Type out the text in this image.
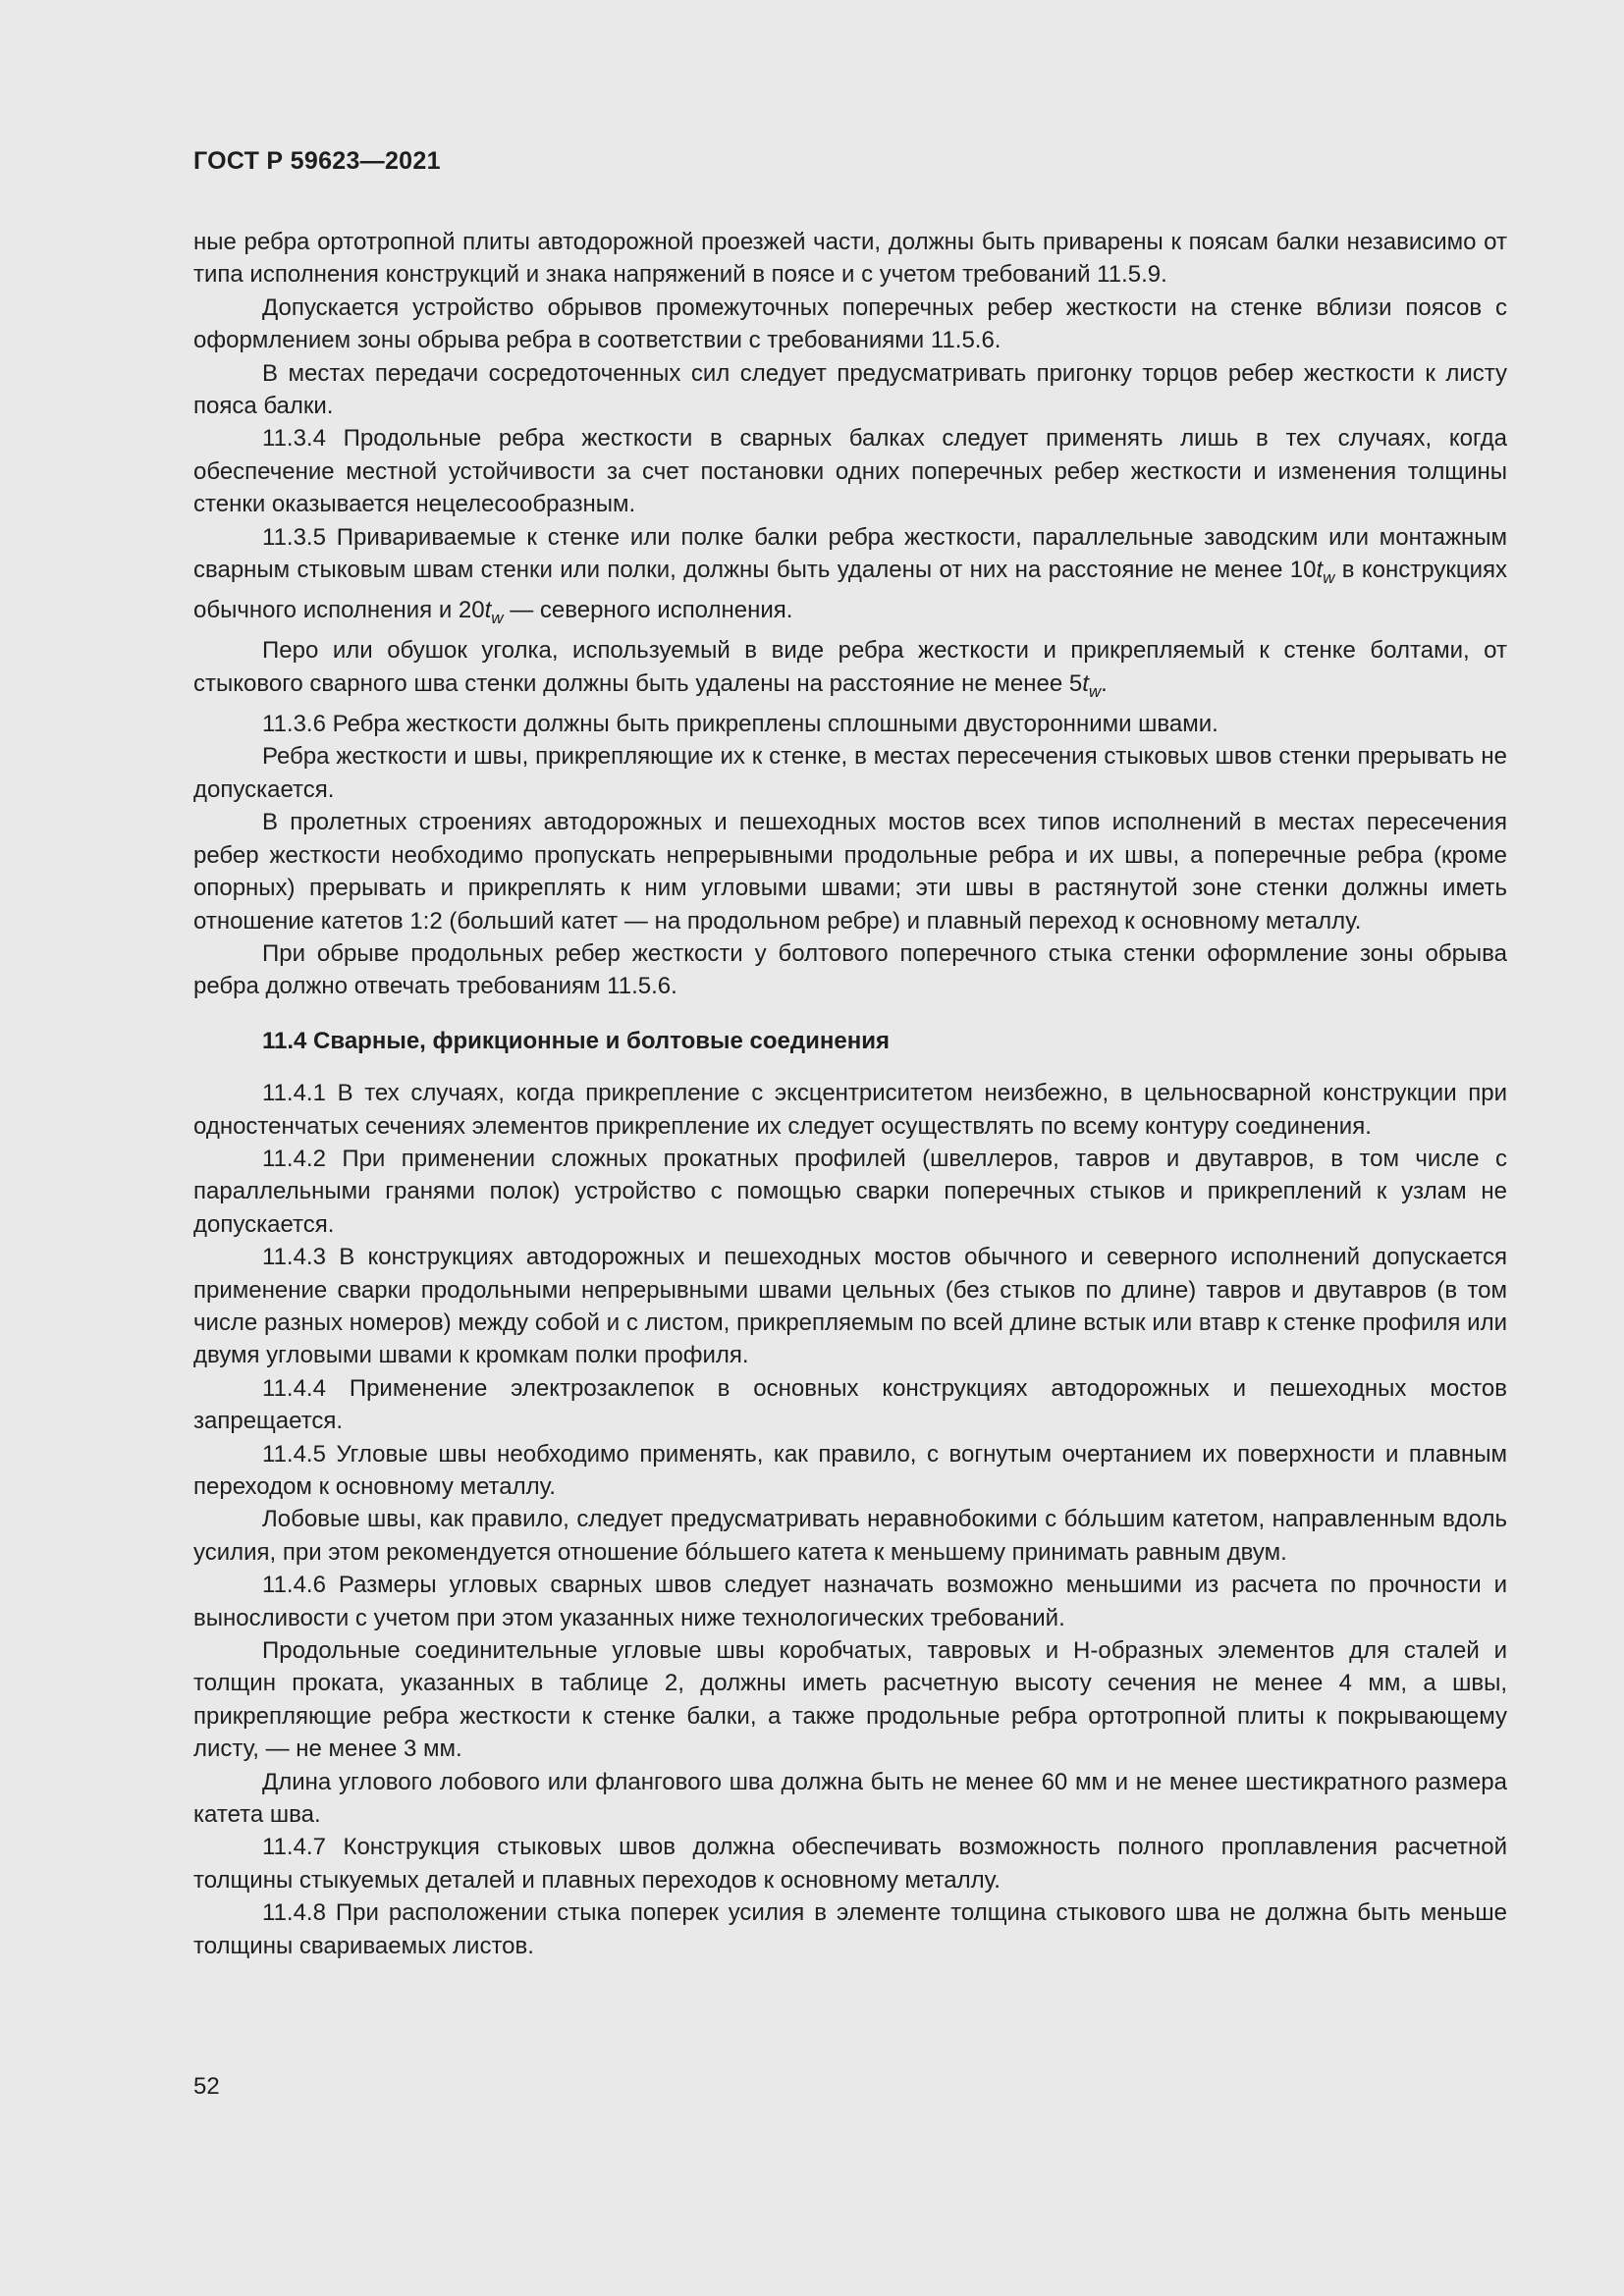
ГОСТ Р 59623—2021

ные ребра ортотропной плиты автодорожной проезжей части, должны быть приварены к поясам балки независимо от типа исполнения конструкций и знака напряжений в поясе и с учетом требований 11.5.9.

Допускается устройство обрывов промежуточных поперечных ребер жесткости на стенке вблизи поясов с оформлением зоны обрыва ребра в соответствии с требованиями 11.5.6.

В местах передачи сосредоточенных сил следует предусматривать пригонку торцов ребер жесткости к листу пояса балки.

11.3.4 Продольные ребра жесткости в сварных балках следует применять лишь в тех случаях, когда обеспечение местной устойчивости за счет постановки одних поперечных ребер жесткости и изменения толщины стенки оказывается нецелесообразным.

11.3.5 Привариваемые к стенке или полке балки ребра жесткости, параллельные заводским или монтажным сварным стыковым швам стенки или полки, должны быть удалены от них на расстояние не менее $10t_w$ в конструкциях обычного исполнения и $20t_w$ — северного исполнения.

Перо или обушок уголка, используемый в виде ребра жесткости и прикрепляемый к стенке болтами, от стыкового сварного шва стенки должны быть удалены на расстояние не менее $5t_w$.

11.3.6 Ребра жесткости должны быть прикреплены сплошными двусторонними швами.

Ребра жесткости и швы, прикрепляющие их к стенке, в местах пересечения стыковых швов стенки прерывать не допускается.

В пролетных строениях автодорожных и пешеходных мостов всех типов исполнений в местах пересечения ребер жесткости необходимо пропускать непрерывными продольные ребра и их швы, а поперечные ребра (кроме опорных) прерывать и прикреплять к ним угловыми швами; эти швы в растянутой зоне стенки должны иметь отношение катетов 1:2 (больший катет — на продольном ребре) и плавный переход к основному металлу.

При обрыве продольных ребер жесткости у болтового поперечного стыка стенки оформление зоны обрыва ребра должно отвечать требованиям 11.5.6.

11.4 Сварные, фрикционные и болтовые соединения

11.4.1 В тех случаях, когда прикрепление с эксцентриситетом неизбежно, в цельносварной конструкции при одностенчатых сечениях элементов прикрепление их следует осуществлять по всему контуру соединения.

11.4.2 При применении сложных прокатных профилей (швеллеров, тавров и двутавров, в том числе с параллельными гранями полок) устройство с помощью сварки поперечных стыков и прикреплений к узлам не допускается.

11.4.3 В конструкциях автодорожных и пешеходных мостов обычного и северного исполнений допускается применение сварки продольными непрерывными швами цельных (без стыков по длине) тавров и двутавров (в том числе разных номеров) между собой и с листом, прикрепляемым по всей длине встык или втавр к стенке профиля или двумя угловыми швами к кромкам полки профиля.

11.4.4 Применение электрозаклепок в основных конструкциях автодорожных и пешеходных мостов запрещается.

11.4.5 Угловые швы необходимо применять, как правило, с вогнутым очертанием их поверхности и плавным переходом к основному металлу.

Лобовые швы, как правило, следует предусматривать неравнобокими с бóльшим катетом, направленным вдоль усилия, при этом рекомендуется отношение бóльшего катета к меньшему принимать равным двум.

11.4.6 Размеры угловых сварных швов следует назначать возможно меньшими из расчета по прочности и выносливости с учетом при этом указанных ниже технологических требований.

Продольные соединительные угловые швы коробчатых, тавровых и Н-образных элементов для сталей и толщин проката, указанных в таблице 2, должны иметь расчетную высоту сечения не менее 4 мм, а швы, прикрепляющие ребра жесткости к стенке балки, а также продольные ребра ортотропной плиты к покрывающему листу, — не менее 3 мм.

Длина углового лобового или флангового шва должна быть не менее 60 мм и не менее шестикратного размера катета шва.

11.4.7 Конструкция стыковых швов должна обеспечивать возможность полного проплавления расчетной толщины стыкуемых деталей и плавных переходов к основному металлу.

11.4.8 При расположении стыка поперек усилия в элементе толщина стыкового шва не должна быть меньше толщины свариваемых листов.

52
